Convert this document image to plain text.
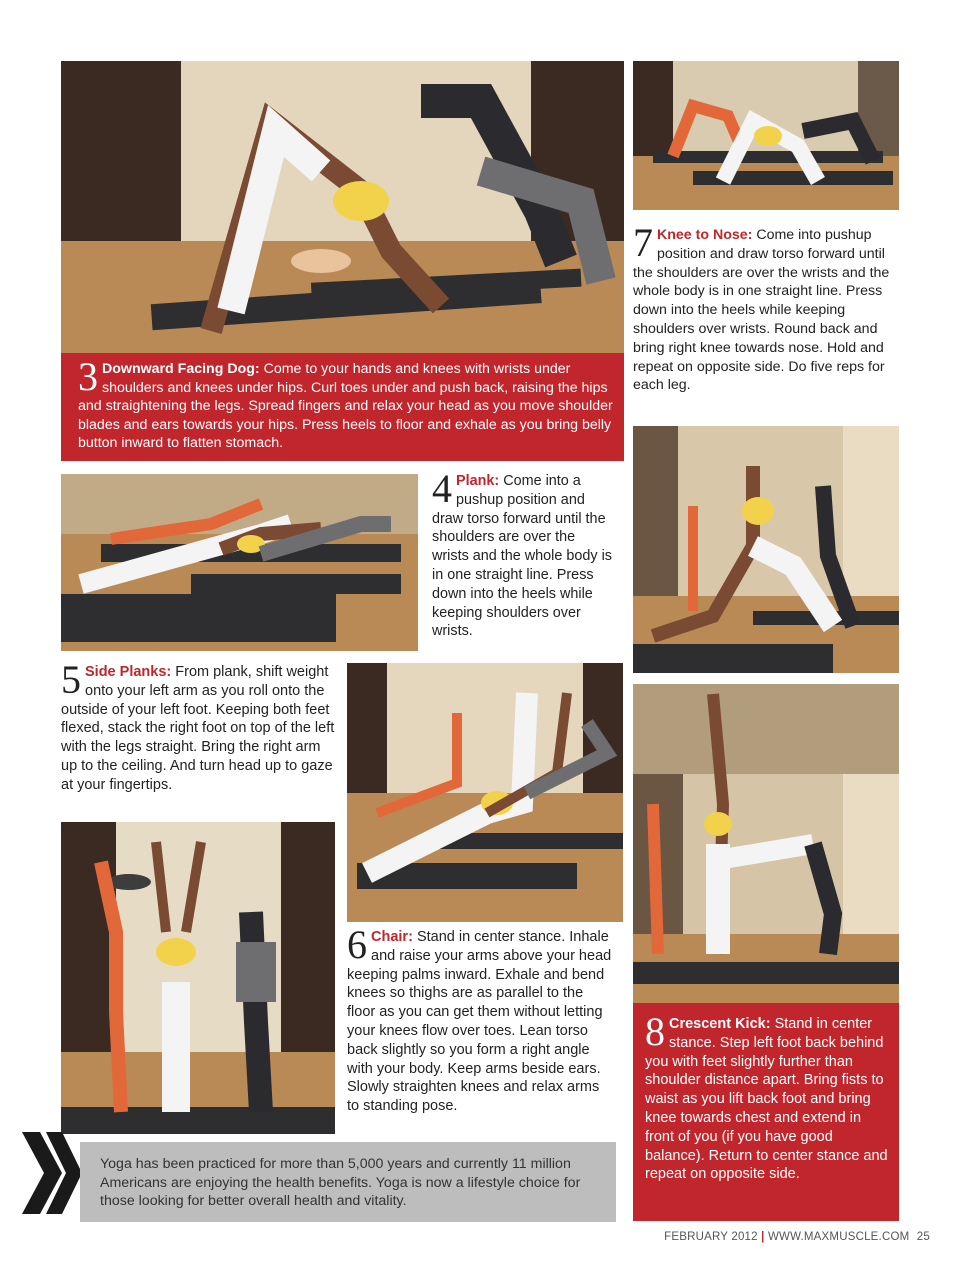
3 Downward Facing Dog: Come to your hands and knees with wrists under shoulders and knees under hips. Curl toes under and push back, raising the hips and straightening the legs. Spread fingers and relax your head as you move shoulder blades and ears towards your hips. Press heels to floor and exhale as you bring belly button inward to flatten stomach.
7 Knee to Nose: Come into pushup position and draw torso forward until the shoulders are over the wrists and the whole body is in one straight line. Press down into the heels while keeping shoulders over wrists. Round back and bring right knee towards nose. Hold and repeat on opposite side. Do five reps for each leg.
4 Plank: Come into a pushup position and draw torso forward until the shoulders are over the wrists and the whole body is in one straight line. Press down into the heels while keeping shoulders over wrists.
5 Side Planks: From plank, shift weight onto your left arm as you roll onto the outside of your left foot. Keeping both feet flexed, stack the right foot on top of the left with the legs straight. Bring the right arm up to the ceiling. And turn head up to gaze at your fingertips.
6 Chair: Stand in center stance. Inhale and raise your arms above your head keeping palms inward. Exhale and bend knees so thighs are as parallel to the floor as you can get them without letting your knees flow over toes. Lean torso back slightly so you form a right angle with your body. Keep arms beside ears. Slowly straighten knees and relax arms to standing pose.
8 Crescent Kick: Stand in center stance. Step left foot back behind you with feet slightly further than shoulder distance apart. Bring fists to waist as you lift back foot and bring knee towards chest and extend in front of you (if you have good balance). Return to center stance and repeat on opposite side.
Yoga has been practiced for more than 5,000 years and currently 11 million Americans are enjoying the health benefits. Yoga is now a lifestyle choice for those looking for better overall health and vitality.
FEBRUARY 2012 | WWW.MAXMUSCLE.COM 25
